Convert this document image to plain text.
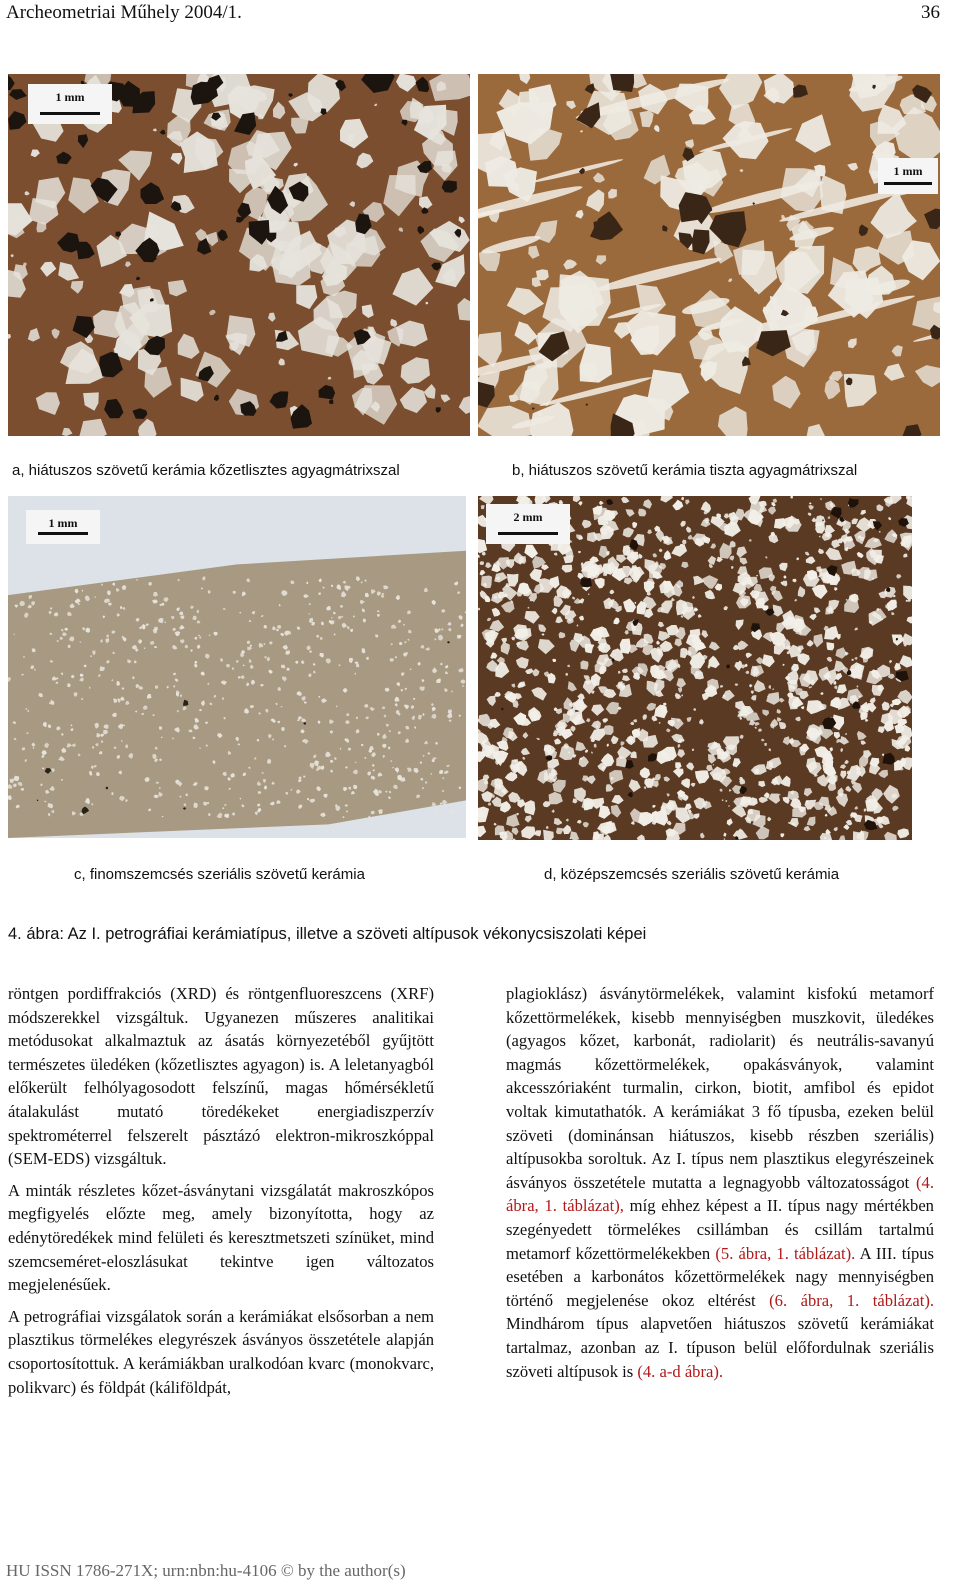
Archeometriai Műhely 2004/1.	36
1 mm
1 mm
a, hiátuszos szövetű kerámia kőzetlisztes agyagmátrixszal	b, hiátuszos szövetű kerámia tiszta agyagmátrixszal
1 mm	2 mm
c, finomszemcsés szeriális szövetű kerámia	d, középszemcsés szeriális szövetű kerámia
4. ábra: Az I. petrográfiai kerámiatípus, illetve a szöveti altípusok vékonycsiszolati képei

röntgen pordiffrakciós (XRD) és röntgenfluoreszcens (XRF) módszerekkel vizsgáltuk. Ugyanezen műszeres analitikai metódusokat alkalmaztuk az ásatás környezetéből gyűjtött természetes üledéken (kőzetlisztes agyagon) is. A leletanyagból előkerült felhólyagosodott felszínű, magas hőmérsékletű átalakulást mutató töredékeket energiadiszperzív spektrométerrel felszerelt pásztázó elektron-mikroszkóppal (SEM-EDS) vizsgáltuk.

A minták részletes kőzet-ásványtani vizsgálatát makroszkópos megfigyelés előzte meg, amely bizonyította, hogy az edénytöredékek mind felületi és keresztmetszeti színüket, mind szemcseméret-eloszlásukat tekintve igen változatos megjelenésűek.

A petrográfiai vizsgálatok során a kerámiákat elsősorban a nem plasztikus törmelékes elegyrészek ásványos összetétele alapján csoportosítottuk. A kerámiákban uralkodóan kvarc (monokvarc, polikvarc) és földpát (káliföldpát,

plagioklász) ásványtörmelékek, valamint kisfokú metamorf kőzettörmelékek, kisebb mennyiségben muszkovit, üledékes (agyagos kőzet, karbonát, radiolarit) és neutrális-savanyú magmás kőzettörmelékek, opakásványok, valamint akcesszóriaként turmalin, cirkon, biotit, amfibol és epidot voltak kimutathatók. A kerámiákat 3 fő típusba, ezeken belül szöveti (dominánsan hiátuszos, kisebb részben szeriális) altípusokba soroltuk. Az I. típus nem plasztikus elegyrészeinek ásványos összetétele mutatta a legnagyobb változatosságot (4. ábra, 1. táblázat), míg ehhez képest a II. típus nagy mértékben szegényedett törmelékes csillámban és csillám tartalmú metamorf kőzettörmelékekben (5. ábra, 1. táblázat). A III. típus esetében a karbonátos kőzettörmelékek nagy mennyiségben történő megjelenése okoz eltérést (6. ábra, 1. táblázat). Mindhárom típus alapvetően hiátuszos szövetű kerámiákat tartalmaz, azonban az I. típuson belül előfordulnak szeriális szöveti altípusok is (4. a-d ábra).

HU ISSN 1786-271X; urn:nbn:hu-4106 © by the author(s)
